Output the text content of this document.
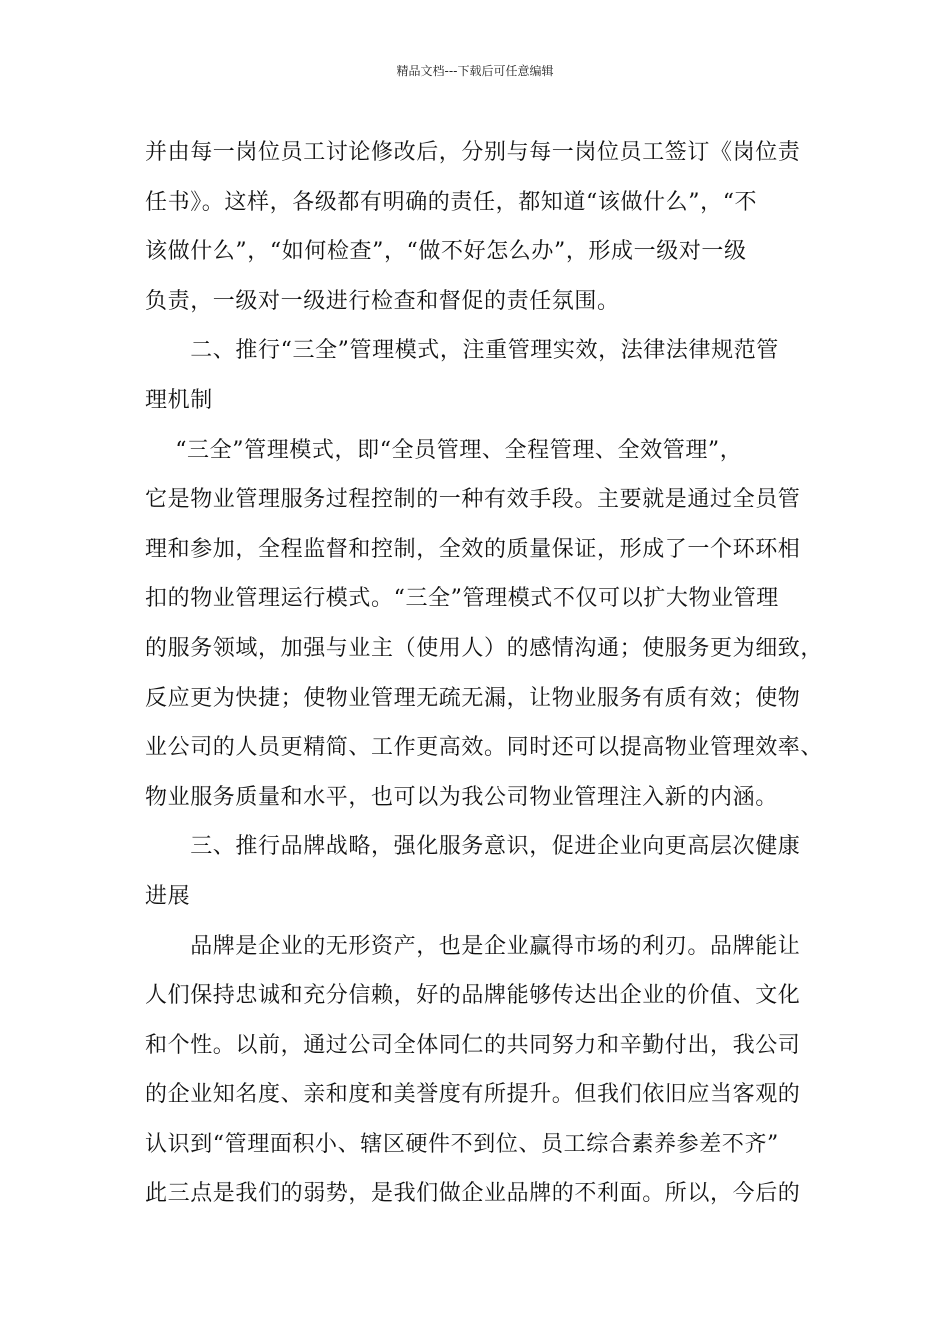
精品文档---下载后可任意编辑
并由每一岗位员工讨论修改后，分别与每一岗位员工签订《岗位责
任书》。这样，各级都有明确的责任，都知道“该做什么”，“不
该做什么”，“如何检查”，“做不好怎么办”，形成一级对一级
负责，一级对一级进行检查和督促的责任氛围。
　　二、推行“三全”管理模式，注重管理实效，法律法律规范管
理机制
　 “三全”管理模式，即“全员管理、全程管理、全效管理”，
它是物业管理服务过程控制的一种有效手段。主要就是通过全员管
理和参加，全程监督和控制，全效的质量保证，形成了一个环环相
扣的物业管理运行模式。“三全”管理模式不仅可以扩大物业管理
的服务领域，加强与业主（使用人）的感情沟通；使服务更为细致，
反应更为快捷；使物业管理无疏无漏，让物业服务有质有效；使物
业公司的人员更精简、工作更高效。同时还可以提高物业管理效率、
物业服务质量和水平，也可以为我公司物业管理注入新的内涵。
　　三、推行品牌战略，强化服务意识，促进企业向更高层次健康
进展
　　品牌是企业的无形资产，也是企业赢得市场的利刃。品牌能让
人们保持忠诚和充分信赖，好的品牌能够传达出企业的价值、文化
和个性。以前，通过公司全体同仁的共同努力和辛勤付出，我公司
的企业知名度、亲和度和美誉度有所提升。但我们依旧应当客观的
认识到“管理面积小、辖区硬件不到位、员工综合素养参差不齐”
此三点是我们的弱势，是我们做企业品牌的不利面。所以，今后的
